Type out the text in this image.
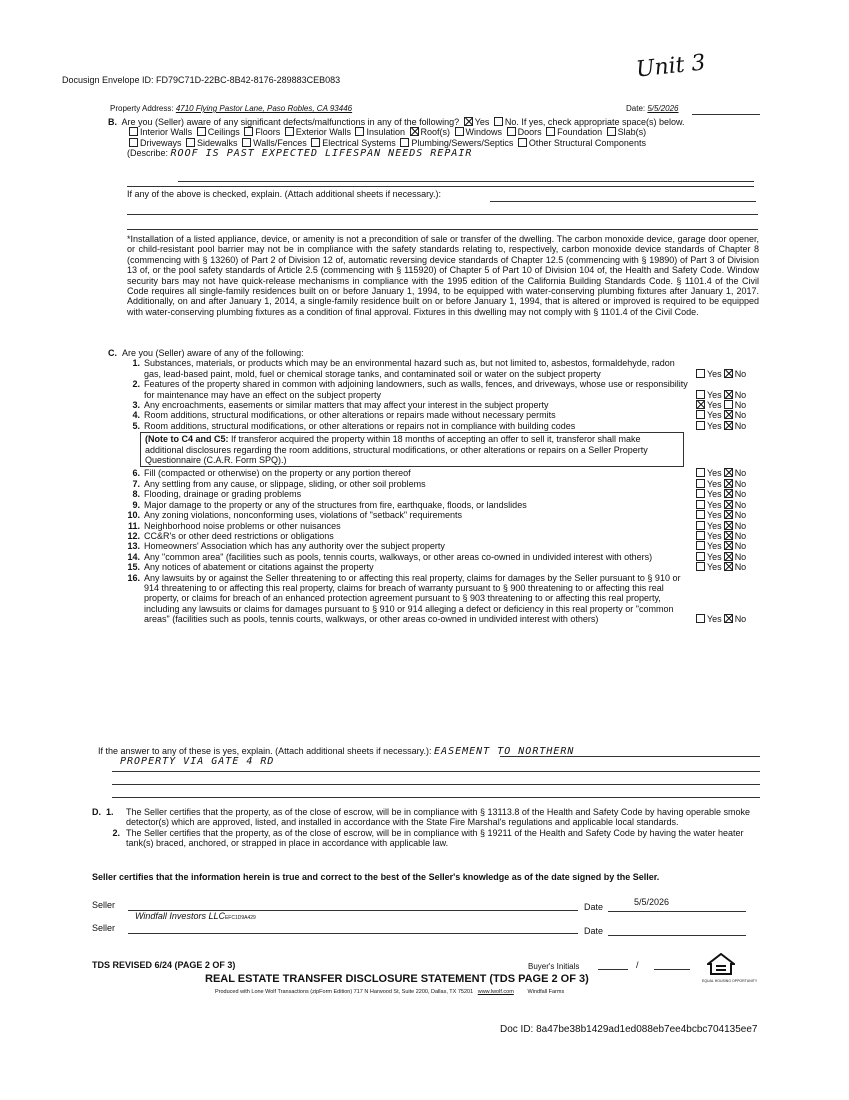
Docusign Envelope ID: FD79C71D-22BC-8B42-8176-289883CEB083	Unit 3
Property Address: 4710 Flying Pastor Lane, Paso Robles, CA 93446	Date: 5/5/2026
B. Are you (Seller) aware of any significant defects/malfunctions in any of the following? Yes No. If yes, check appropriate space(s) below.
Interior Walls Ceilings Floors Exterior Walls Insulation Roof(s) Windows Doors Foundation Slab(s)
Driveways Sidewalks Walls/Fences Electrical Systems Plumbing/Sewers/Septics Other Structural Components
(Describe: ROOF IS PAST EXPECTED LIFESPAN NEEDS REPAIR
If any of the above is checked, explain. (Attach additional sheets if necessary.):
*Installation of a listed appliance, device, or amenity is not a precondition of sale or transfer of the dwelling. The carbon monoxide device, garage door opener, or child-resistant pool barrier may not be in compliance with the safety standards relating to, respectively, carbon monoxide device standards of Chapter 8 (commencing with § 13260) of Part 2 of Division 12 of, automatic reversing device standards of Chapter 12.5 (commencing with § 19890) of Part 3 of Division 13 of, or the pool safety standards of Article 2.5 (commencing with § 115920) of Chapter 5 of Part 10 of Division 104 of, the Health and Safety Code. Window security bars may not have quick-release mechanisms in compliance with the 1995 edition of the California Building Standards Code. § 1101.4 of the Civil Code requires all single-family residences built on or before January 1, 1994, to be equipped with water-conserving plumbing fixtures after January 1, 2017. Additionally, on and after January 1, 2014, a single-family residence built on or before January 1, 1994, that is altered or improved is required to be equipped with water-conserving plumbing fixtures as a condition of final approval. Fixtures in this dwelling may not comply with § 1101.4 of the Civil Code.
C. Are you (Seller) aware of any of the following:
1. Substances, materials, or products which may be an environmental hazard such as, but not limited to, asbestos, formaldehyde, radon gas, lead-based paint, mold, fuel or chemical storage tanks, and contaminated soil or water on the subject property	Yes No
2. Features of the property shared in common with adjoining landowners, such as walls, fences, and driveways, whose use or responsibility for maintenance may have an effect on the subject property	Yes No
3. Any encroachments, easements or similar matters that may affect your interest in the subject property	Yes No
4. Room additions, structural modifications, or other alterations or repairs made without necessary permits	Yes No
5. Room additions, structural modifications, or other alterations or repairs not in compliance with building codes	Yes No
(Note to C4 and C5: If transferor acquired the property within 18 months of accepting an offer to sell it, transferor shall make additional disclosures regarding the room additions, structural modifications, or other alterations or repairs on a Seller Property Questionnaire (C.A.R. Form SPQ).)
6. Fill (compacted or otherwise) on the property or any portion thereof	Yes No
7. Any settling from any cause, or slippage, sliding, or other soil problems	Yes No
8. Flooding, drainage or grading problems	Yes No
9. Major damage to the property or any of the structures from fire, earthquake, floods, or landslides	Yes No
10. Any zoning violations, nonconforming uses, violations of "setback" requirements	Yes No
11. Neighborhood noise problems or other nuisances	Yes No
12. CC&R's or other deed restrictions or obligations	Yes No
13. Homeowners' Association which has any authority over the subject property	Yes No
14. Any "common area" (facilities such as pools, tennis courts, walkways, or other areas co-owned in undivided interest with others)	Yes No
15. Any notices of abatement or citations against the property	Yes No
16. Any lawsuits by or against the Seller threatening to or affecting this real property, claims for damages by the Seller pursuant to § 910 or 914 threatening to or affecting this real property, claims for breach of warranty pursuant to § 900 threatening to or affecting this real property, or claims for breach of an enhanced protection agreement pursuant to § 903 threatening to or affecting this real property, including any lawsuits or claims for damages pursuant to § 910 or 914 alleging a defect or deficiency in this real property or "common areas" (facilities such as pools, tennis courts, walkways, or other areas co-owned in undivided interest with others)	Yes No
If the answer to any of these is yes, explain. (Attach additional sheets if necessary.): EASEMENT TO NORTHERN
PROPERTY VIA GATE 4 RD
D. 1.	The Seller certifies that the property, as of the close of escrow, will be in compliance with § 13113.8 of the Health and Safety Code by having operable smoke detector(s) which are approved, listed, and installed in accordance with the State Fire Marshal's regulations and applicable local standards.
2. The Seller certifies that the property, as of the close of escrow, will be in compliance with § 19211 of the Health and Safety Code by having the water heater tank(s) braced, anchored, or strapped in place in accordance with applicable law.
Seller certifies that the information herein is true and correct to the best of the Seller's knowledge as of the date signed by the Seller.
Seller
Windfall Investors LLCEFC1D9A429
Date	5/5/2026
Seller	Date
TDS REVISED 6/24 (PAGE 2 OF 3)	Buyer's Initials	/
EQUAL HOUSING OPPORTUNITY
REAL ESTATE TRANSFER DISCLOSURE STATEMENT (TDS PAGE 2 OF 3)
Produced with Lone Wolf Transactions (zipForm Edition) 717 N Harwood St, Suite 2200, Dallas, TX 75201 www.lwolf.com	Windfall Farms
Doc ID: 8a47be38b1429ad1ed088eb7ee4bcbc704135ee7
